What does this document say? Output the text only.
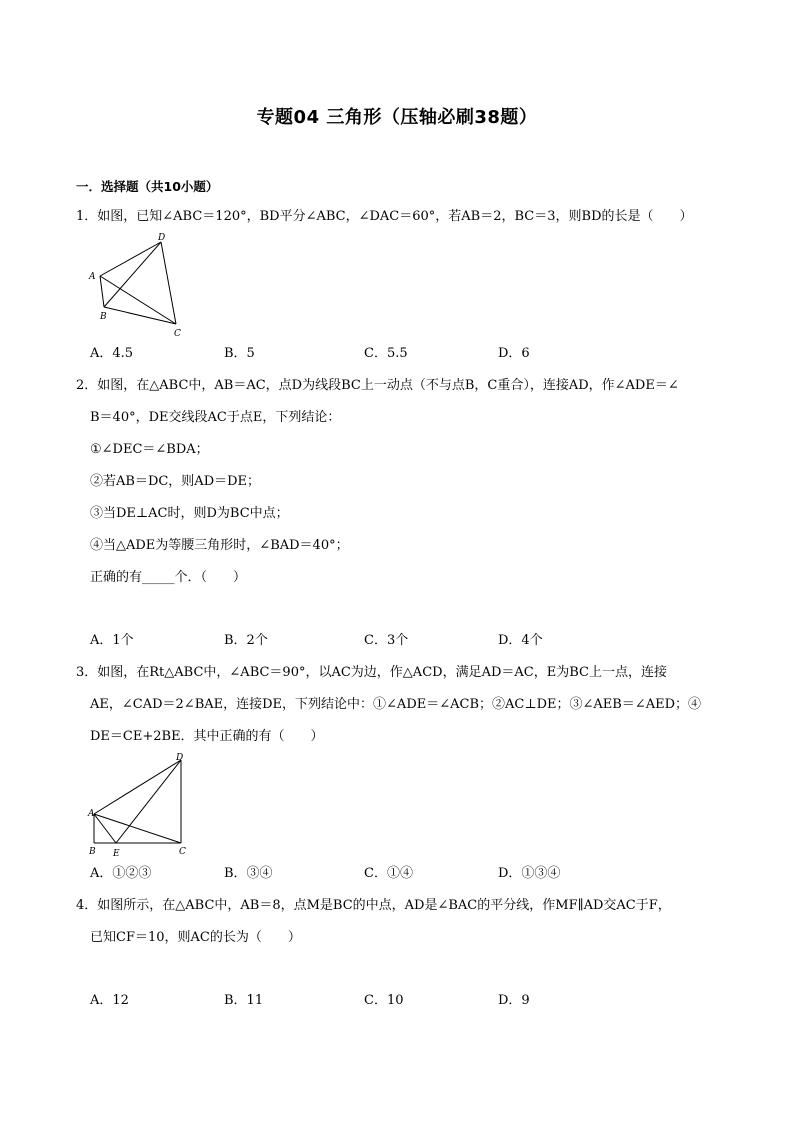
专题04 三角形（压轴必刷38题）
一．选择题（共10小题）
1．如图，已知∠ABC＝120°，BD平分∠ABC，∠DAC＝60°，若AB＝2，BC＝3，则BD的长是（　　）
D
A
B
C
A．4.5	B．5	C．5.5	D．6
2．如图，在△ABC中，AB＝AC，点D为线段BC上一动点（不与点B，C重合），连接AD，作∠ADE＝∠
B＝40°，DE交线段AC于点E，下列结论：
①∠DEC＝∠BDA；
②若AB＝DC，则AD＝DE；
③当DE⊥AC时，则D为BC中点；
④当△ADE为等腰三角形时，∠BAD＝40°；
正确的有_____个．（　　）
A．1个	B．2个	C．3个	D．4个
3．如图，在Rt△ABC中，∠ABC＝90°，以AC为边，作△ACD，满足AD＝AC，E为BC上一点，连接
AE，∠CAD＝2∠BAE，连接DE，下列结论中：①∠ADE＝∠ACB；②AC⊥DE；③∠AEB＝∠AED；④
DE＝CE+2BE．其中正确的有（　　）
D
A
B E	C
A．①②③	B．③④	C．①④	D．①③④
4．如图所示，在△ABC中，AB＝8，点M是BC的中点，AD是∠BAC的平分线，作MF∥AD交AC于F，
已知CF＝10，则AC的长为（　　）
A．12	B．11	C．10	D．9
